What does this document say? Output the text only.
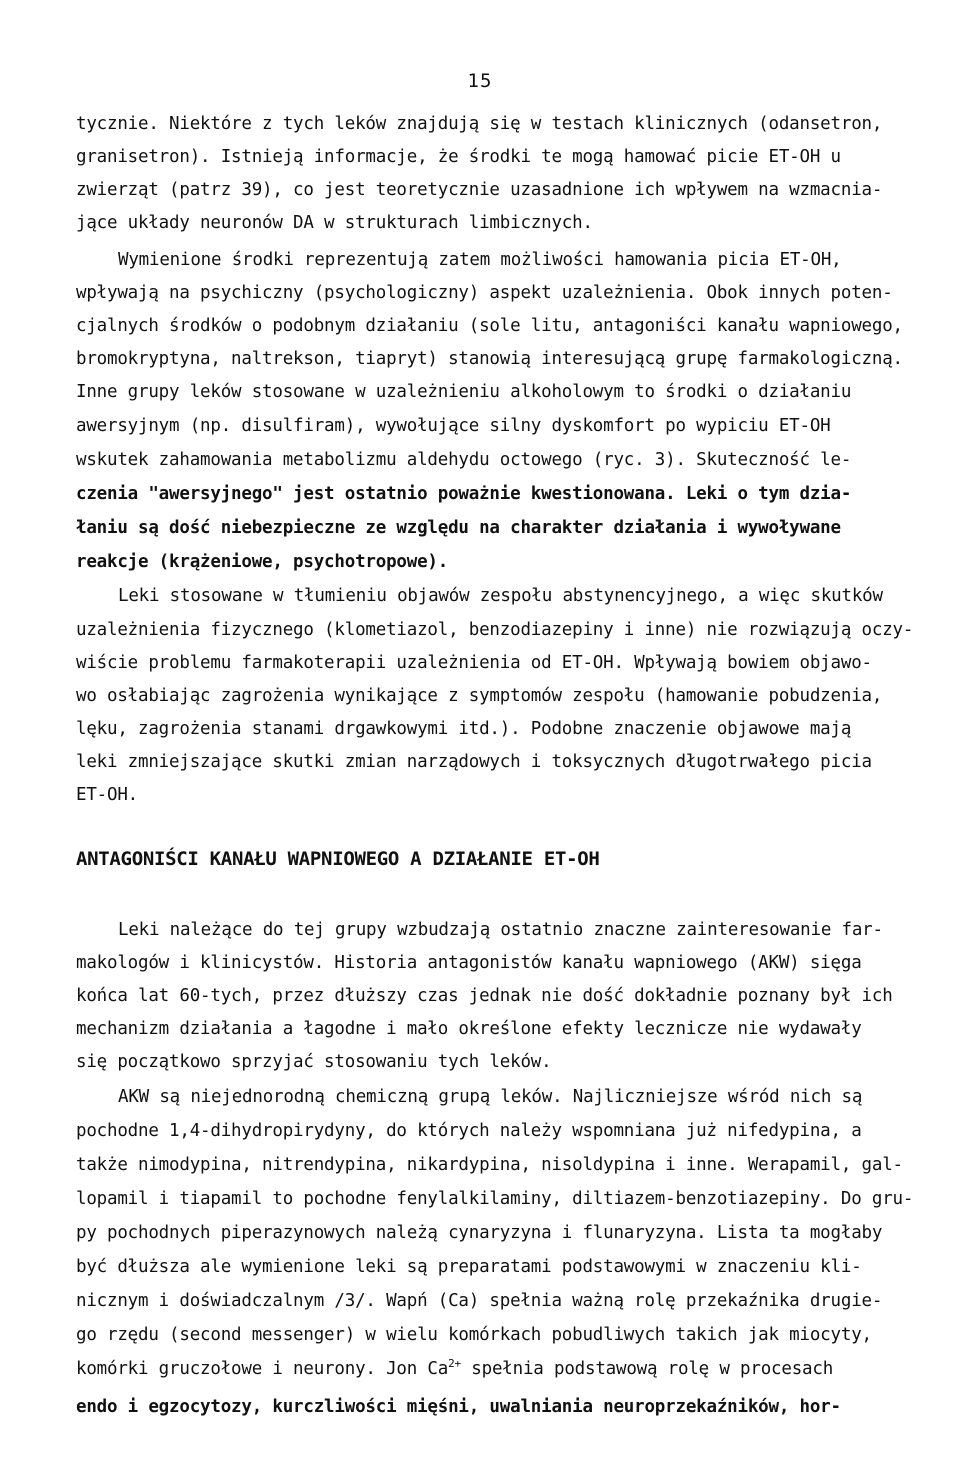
15
tycznie. Niektóre z tych leków znajdują się w testach klinicznych (odansetron,
granisetron). Istnieją informacje, że środki te mogą hamować picie ET-OH u
zwierząt (patrz 39), co jest teoretycznie uzasadnione ich wpływem na wzmacnia-
jące układy neuronów DA w strukturach limbicznych.
Wymienione środki reprezentują zatem możliwości hamowania picia ET-OH,
wpływają na psychiczny (psychologiczny) aspekt uzależnienia. Obok innych poten-
cjalnych środków o podobnym działaniu (sole litu, antagoniści kanału wapniowego,
bromokryptyna, naltrekson, tiapryt) stanowią interesującą grupę farmakologiczną.
Inne grupy leków stosowane w uzależnieniu alkoholowym to środki o działaniu
awersyjnym (np. disulfiram), wywołujące silny dyskomfort po wypiciu ET-OH
wskutek zahamowania metabolizmu aldehydu octowego (ryc. 3). Skuteczność le-
czenia "awersyjnego" jest ostatnio poważnie kwestionowana. Leki o tym dzia-
łaniu są dość niebezpieczne ze względu na charakter działania i wywoływane
reakcje (krążeniowe, psychotropowe).
Leki stosowane w tłumieniu objawów zespołu abstynencyjnego, a więc skutków
uzależnienia fizycznego (klometiazol, benzodiazepiny i inne) nie rozwiązują oczy-
wiście problemu farmakoterapii uzależnienia od ET-OH. Wpływają bowiem objawo-
wo osłabiając zagrożenia wynikające z symptomów zespołu (hamowanie pobudzenia,
lęku, zagrożenia stanami drgawkowymi itd.). Podobne znaczenie objawowe mają
leki zmniejszające skutki zmian narządowych i toksycznych długotrwałego picia
ET-OH.
ANTAGONIŚCI KANAŁU WAPNIOWEGO A DZIAŁANIE ET-OH
Leki należące do tej grupy wzbudzają ostatnio znaczne zainteresowanie far-
makologów i klinicystów. Historia antagonistów kanału wapniowego (AKW) sięga
końca lat 60-tych, przez dłuższy czas jednak nie dość dokładnie poznany był ich
mechanizm działania a łagodne i mało określone efekty lecznicze nie wydawały
się początkowo sprzyjać stosowaniu tych leków.
AKW są niejednorodną chemiczną grupą leków. Najliczniejsze wśród nich są
pochodne 1,4-dihydropirydyny, do których należy wspomniana już nifedypina, a
także nimodypina, nitrendypina, nikardypina, nisoldypina i inne. Werapamil, gal-
lopamil i tiapamil to pochodne fenylalkilaminy, diltiazem-benzotiazepiny. Do gru-
py pochodnych piperazynowych należą cynaryzyna i flunaryzyna. Lista ta mogłaby
być dłuższa ale wymienione leki są preparatami podstawowymi w znaczeniu kli-
nicznym i doświadczalnym /3/. Wapń (Ca) spełnia ważną rolę przekaźnika drugie-
go rzędu (second messenger) w wielu komórkach pobudliwych takich jak miocyty,
komórki gruczołowe i neurony. Jon $Ca^{2+}$ spełnia podstawową rolę w procesach
endo i egzocytozy, kurczliwości mięśni, uwalniania neuroprzekaźników, hor-
